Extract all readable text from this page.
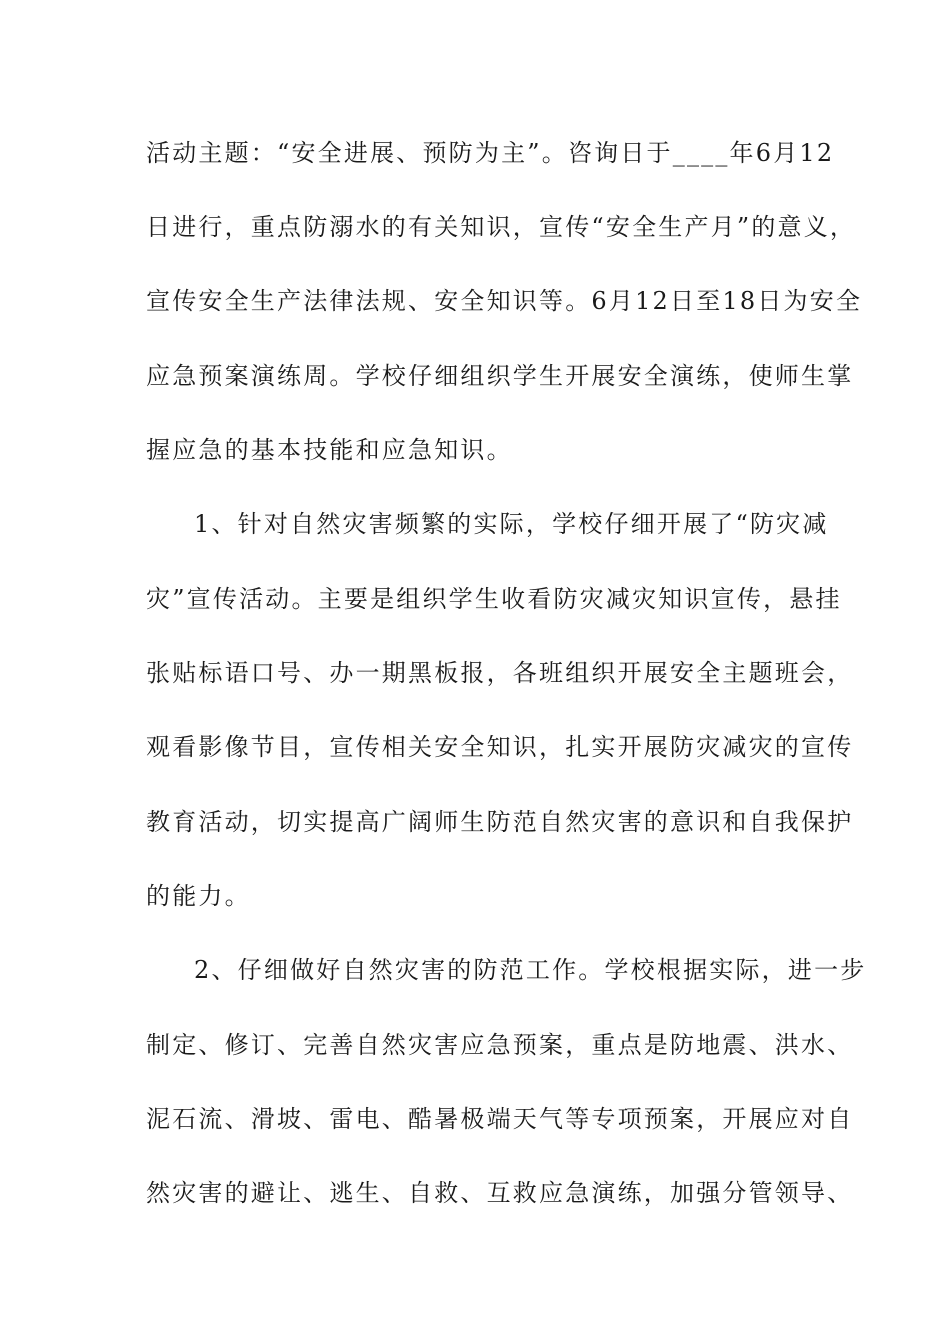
活动主题：“安全进展、预防为主”。咨询日于____年6月12
日进行，重点防溺水的有关知识，宣传“安全生产月”的意义，
宣传安全生产法律法规、安全知识等。6月12日至18日为安全
应急预案演练周。学校仔细组织学生开展安全演练，使师生掌
握应急的基本技能和应急知识。
1、针对自然灾害频繁的实际，学校仔细开展了“防灾减
灾”宣传活动。主要是组织学生收看防灾减灾知识宣传，悬挂
张贴标语口号、办一期黑板报，各班组织开展安全主题班会，
观看影像节目，宣传相关安全知识，扎实开展防灾减灾的宣传
教育活动，切实提高广阔师生防范自然灾害的意识和自我保护
的能力。
2、仔细做好自然灾害的防范工作。学校根据实际，进一步
制定、修订、完善自然灾害应急预案，重点是防地震、洪水、
泥石流、滑坡、雷电、酷暑极端天气等专项预案，开展应对自
然灾害的避让、逃生、自救、互救应急演练，加强分管领导、
